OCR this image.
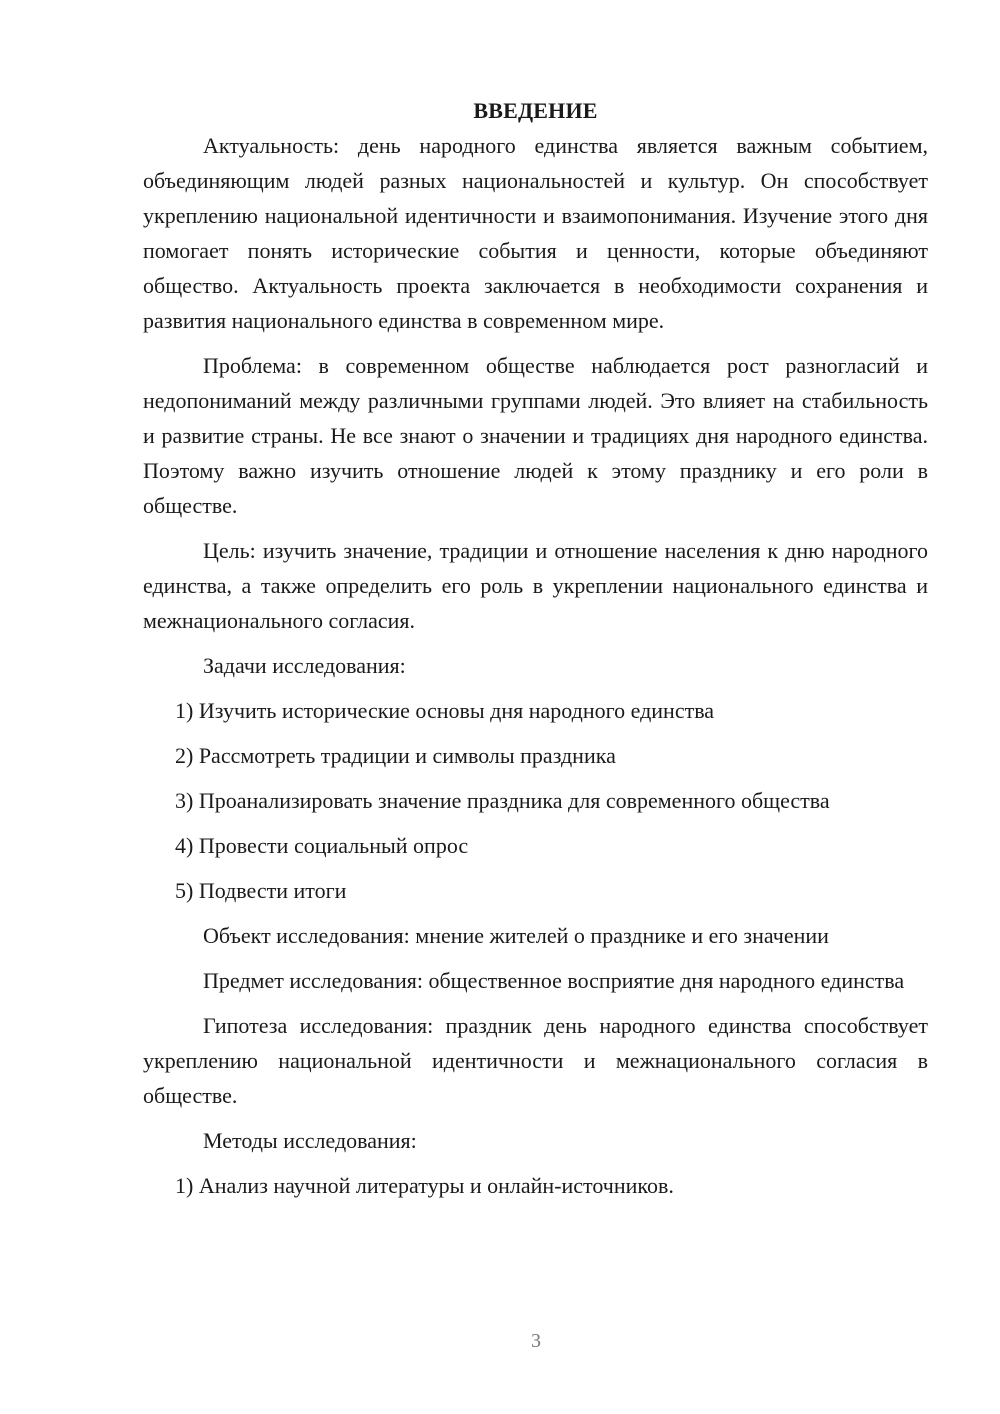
ВВЕДЕНИЕ

Актуальность: день народного единства является важным событием, объединяющим людей разных национальностей и культур. Он способствует укреплению национальной идентичности и взаимопонимания. Изучение этого дня помогает понять исторические события и ценности, которые объединяют общество. Актуальность проекта заключается в необходимости сохранения и развития национального единства в современном мире.

Проблема: в современном обществе наблюдается рост разногласий и недопониманий между различными группами людей. Это влияет на стабильность и развитие страны. Не все знают о значении и традициях дня народного единства. Поэтому важно изучить отношение людей к этому празднику и его роли в обществе.

Цель: изучить значение, традиции и отношение населения к дню народного единства, а также определить его роль в укреплении национального единства и межнационального согласия.

Задачи исследования:

1) Изучить исторические основы дня народного единства
2) Рассмотреть традиции и символы праздника
3) Проанализировать значение праздника для современного общества
4) Провести социальный опрос
5) Подвести итоги

Объект исследования: мнение жителей о празднике и его значении

Предмет исследования: общественное восприятие дня народного единства

Гипотеза исследования: праздник день народного единства способствует укреплению национальной идентичности и межнационального согласия в обществе.

Методы исследования:

1) Анализ научной литературы и онлайн-источников.
3
